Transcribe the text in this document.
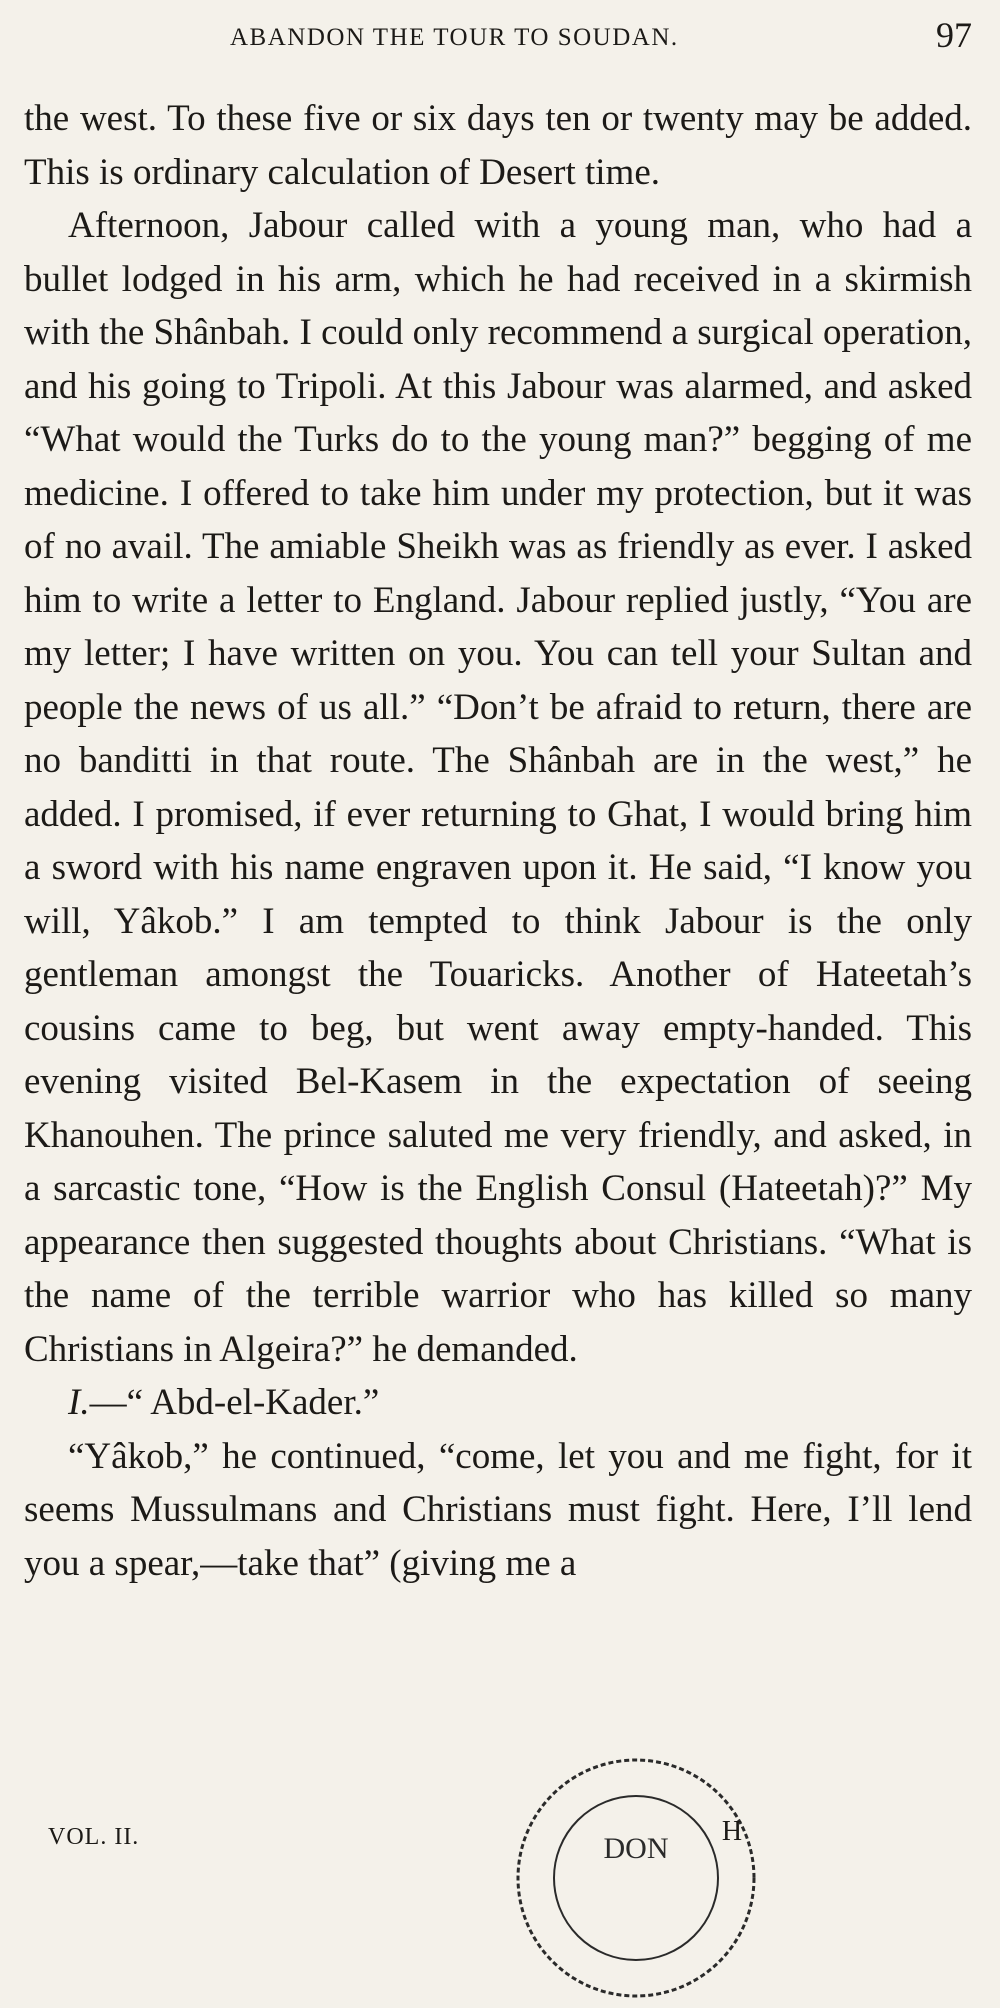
ABANDON THE TOUR TO SOUDAN.	97

the west. To these five or six days ten or twenty may be added. This is ordinary calculation of Desert time.

Afternoon, Jabour called with a young man, who had a bullet lodged in his arm, which he had received in a skirmish with the Shânbah. I could only recommend a surgical operation, and his going to Tripoli. At this Jabour was alarmed, and asked “What would the Turks do to the young man?” begging of me medicine. I offered to take him under my protection, but it was of no avail. The amiable Sheikh was as friendly as ever. I asked him to write a letter to England. Jabour replied justly, “You are my letter; I have written on you. You can tell your Sultan and people the news of us all.” “Don’t be afraid to return, there are no banditti in that route. The Shânbah are in the west,” he added. I promised, if ever returning to Ghat, I would bring him a sword with his name engraven upon it. He said, “I know you will, Yâkob.” I am tempted to think Jabour is the only gentleman amongst the Touaricks. Another of Hateetah’s cousins came to beg, but went away empty-handed. This evening visited Bel-Kasem in the expectation of seeing Khanouhen. The prince saluted me very friendly, and asked, in a sarcastic tone, “How is the English Consul (Hateetah)?” My appearance then suggested thoughts about Christians. “What is the name of the terrible warrior who has killed so many Christians in Algeira?” he demanded.

I.—“ Abd-el-Kader.”

“Yâkob,” he continued, “come, let you and me fight, for it seems Mussulmans and Christians must fight. Here, I’ll lend you a spear,—take that” (giving me a

VOL. II.	DON
H
